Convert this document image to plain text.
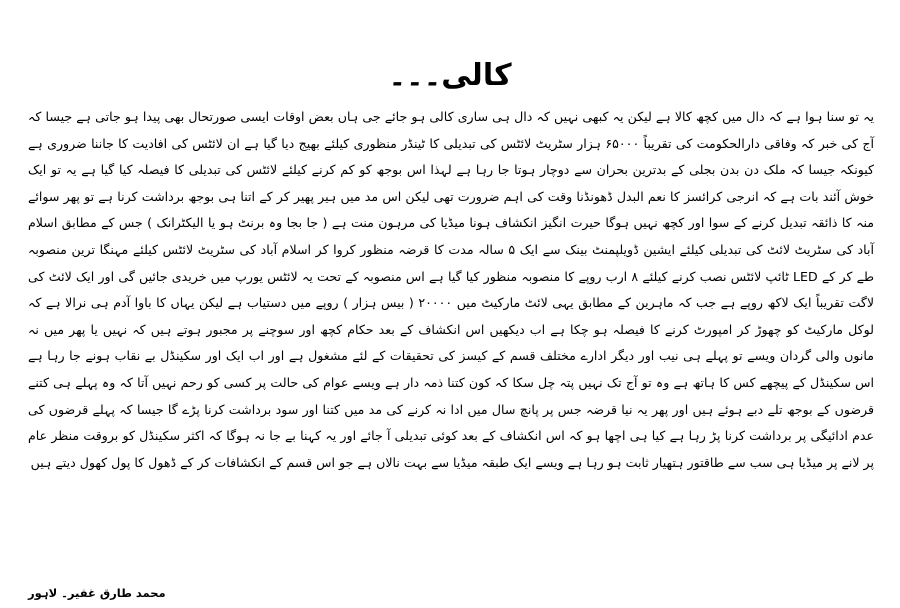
کالی۔۔۔

یہ تو سنا ہوا ہے کہ دال میں کچھ کالا ہے لیکن یہ کبھی نہیں کہ دال ہی ساری کالی ہو جائے جی ہاں بعض اوقات ایسی صورتحال بھی پیدا ہو جاتی ہے جیسا کہ آج کی خبر کہ وفاقی دارالحکومت کی تقریباً ۶۵۰۰۰ ہزار سٹریٹ لائٹس کی تبدیلی کا ٹینڈر منظوری کیلئے بھیج دیا گیا ہے ان لائٹس کی افادیت کا جاننا ضروری ہے کیونکہ جیسا کہ ملک دن بدن بجلی کے بدترین بحران سے دوچار ہوتا جا رہا ہے لہذا اس بوجھ کو کم کرنے کیلئے لائٹس کی تبدیلی کا فیصلہ کیا گیا ہے یہ تو ایک خوش آئند بات ہے کہ انرجی کرائسز کا نعم البدل ڈھونڈنا وقت کی اہم ضرورت تھی لیکن اس مد میں ہیر پھیر کر کے اتنا ہی بوجھ برداشت کرنا ہے تو پھر سوائے منہ کا ذائقہ تبدیل کرنے کے سوا اور کچھ نہیں ہوگا حیرت انگیز انکشاف ہونا میڈیا کی مرہون منت ہے ( جا بجا وہ برنٹ ہو یا الیکٹرانک ) جس کے مطابق اسلام آباد کی سٹریٹ لائٹ کی تبدیلی کیلئے ایشین ڈویلپمنٹ بینک سے ایک ۵ سالہ مدت کا قرضہ منظور کروا کر اسلام آباد کی سٹریٹ لائٹس کیلئے مہنگا ترین منصوبہ طے کر کے LED ٹائپ لائٹس نصب کرنے کیلئے ۸ ارب روپے کا منصوبہ منظور کیا گیا ہے اس منصوبہ کے تحت یہ لائٹس یورپ میں خریدی جائیں گی اور ایک لائٹ کی لاگت تقریباً ایک لاکھ روپے ہے جب کہ ماہرین کے مطابق یہی لائٹ مارکیٹ میں ۲۰۰۰۰ ( بیس ہزار ) روپے میں دستیاب ہے لیکن یہاں کا باوا آدم ہی نرالا ہے کہ لوکل مارکیٹ کو چھوڑ کر امپورٹ کرنے کا فیصلہ ہو چکا ہے اب دیکھیں اس انکشاف کے بعد حکام کچھ اور سوچنے پر مجبور ہوتے ہیں کہ نہیں یا پھر میں نہ مانوں والی گردان ویسے تو پہلے ہی نیب اور دیگر ادارے مختلف قسم کے کیسز کی تحقیقات کے لئے مشغول ہے اور اب ایک اور سکینڈل بے نقاب ہونے جا رہا ہے اس سکینڈل کے پیچھے کس کا ہاتھ ہے وہ تو آج تک نہیں پتہ چل سکا کہ کون کتنا ذمہ دار ہے ویسے عوام کی حالت پر کسی کو رحم نہیں آتا کہ وہ پہلے ہی کتنے قرضوں کے بوجھ تلے دبے ہوئے ہیں اور پھر یہ نیا قرضہ جس پر پانچ سال میں ادا نہ کرنے کی مد میں کتنا اور سود برداشت کرنا پڑے گا جیسا کہ پہلے قرضوں کی عدم ادائیگی پر برداشت کرنا پڑ رہا ہے کیا ہی اچھا ہو کہ اس انکشاف کے بعد کوئی تبدیلی آ جائے اور یہ کہنا بے جا نہ ہوگا کہ اکثر سکینڈل کو بروقت منظر عام پر لانے پر میڈیا ہی سب سے طاقتور ہتھیار ثابت ہو رہا ہے ویسے ایک طبقہ میڈیا سے بہت نالاں ہے جو اس قسم کے انکشافات کر کے ڈھول کا پول کھول دیتے ہیں

محمد طارق غفیر۔ لاہور
